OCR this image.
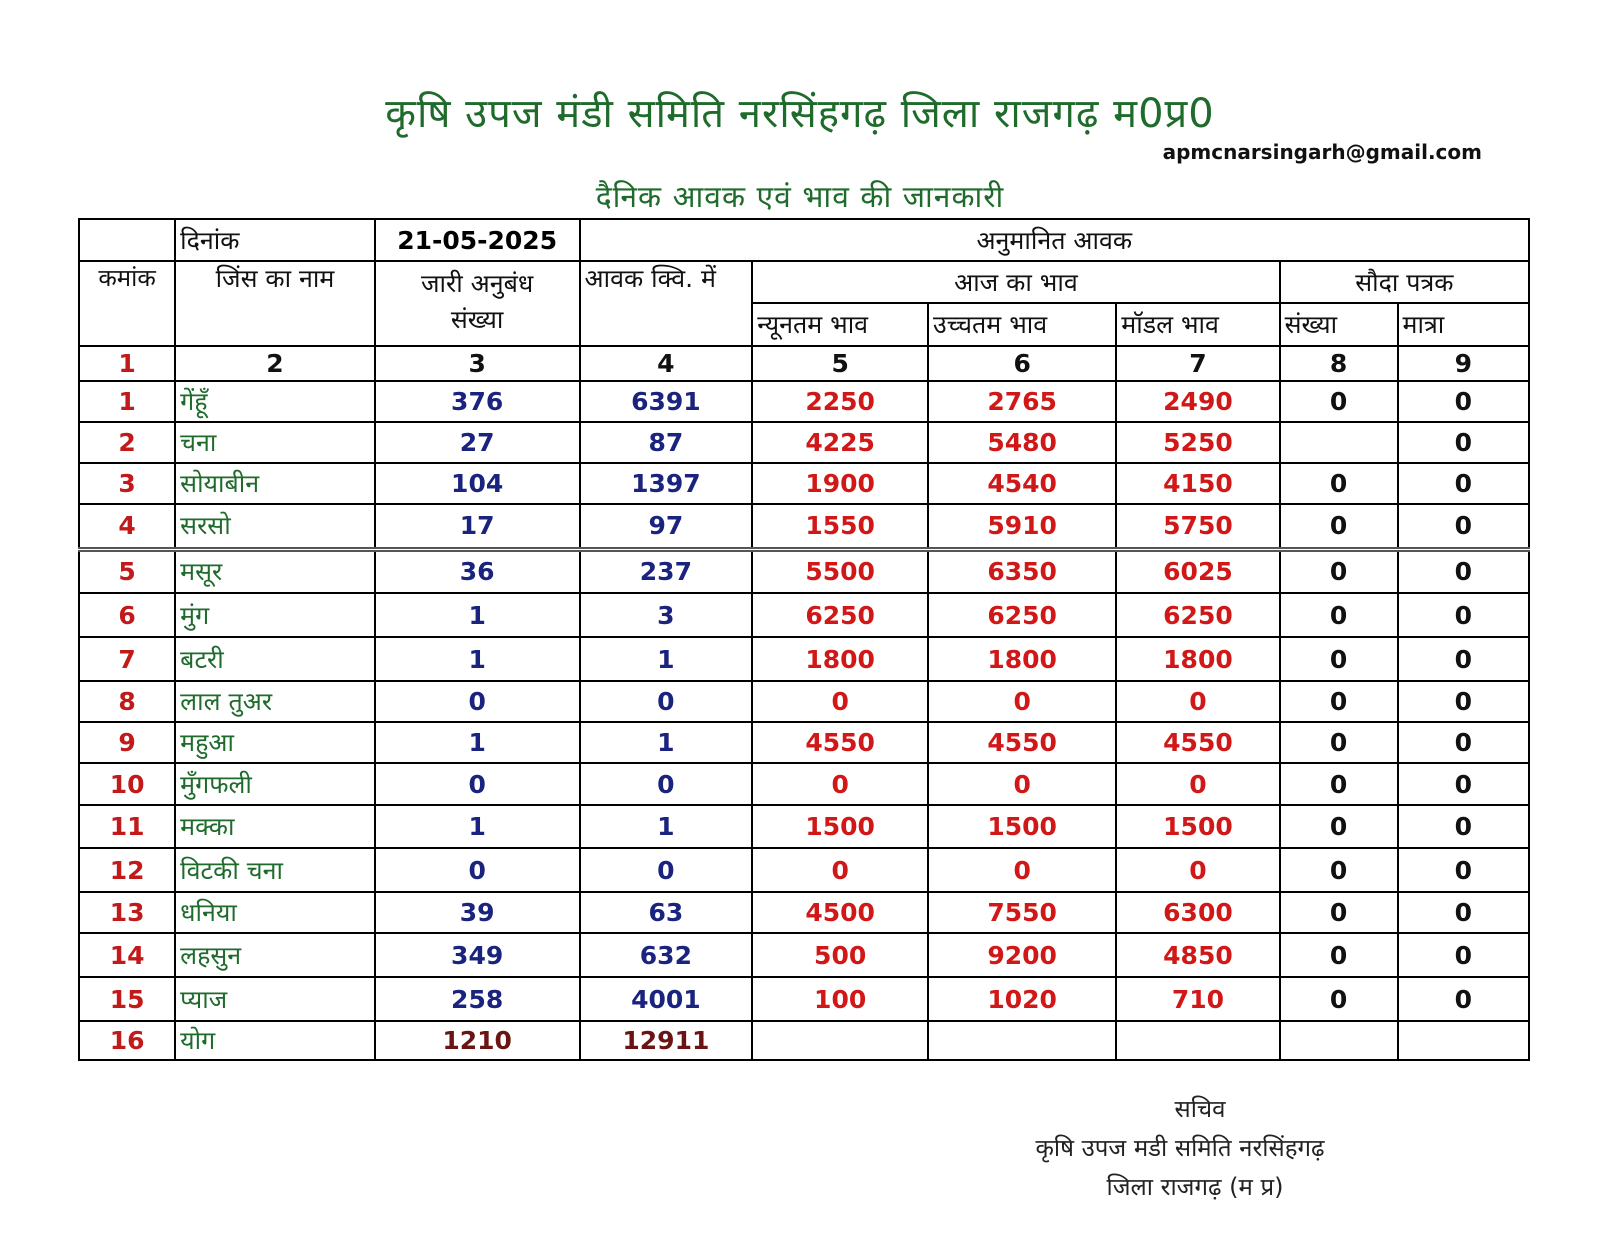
कृषि उपज मंडी समिति नरसिंहगढ़ जिला राजगढ़ म0प्र0
apmcnarsingarh@gmail.com
दैनिक आवक एवं भाव की जानकारी
	दिनांक	21-05-2025	अनुमानित आवक					
कमांक	जिंस का नाम	जारी अनुबंध संख्या	आवक क्वि. में	आज का भाव			सौदा पत्रक	
				न्यूनतम भाव	उच्चतम भाव	मॉडल भाव	संख्या	मात्रा
1	2	3	4	5	6	7	8	9
1	गेंहूँ	376	6391	2250	2765	2490	0	0
2	चना	27	87	4225	5480	5250		0
3	सोयाबीन	104	1397	1900	4540	4150	0	0
4	सरसो	17	97	1550	5910	5750	0	0
5	मसूर	36	237	5500	6350	6025	0	0
6	मुंग	1	3	6250	6250	6250	0	0
7	बटरी	1	1	1800	1800	1800	0	0
8	लाल तुअर	0	0	0	0	0	0	0
9	महुआ	1	1	4550	4550	4550	0	0
10	मुँगफली	0	0	0	0	0	0	0
11	मक्का	1	1	1500	1500	1500	0	0
12	विटकी चना	0	0	0	0	0	0	0
13	धनिया	39	63	4500	7550	6300	0	0
14	लहसुन	349	632	500	9200	4850	0	0
15	प्याज	258	4001	100	1020	710	0	0
16	योग	1210	12911					
सचिव
कृषि उपज मडी समिति नरसिंहगढ़
जिला राजगढ़ (म प्र)
